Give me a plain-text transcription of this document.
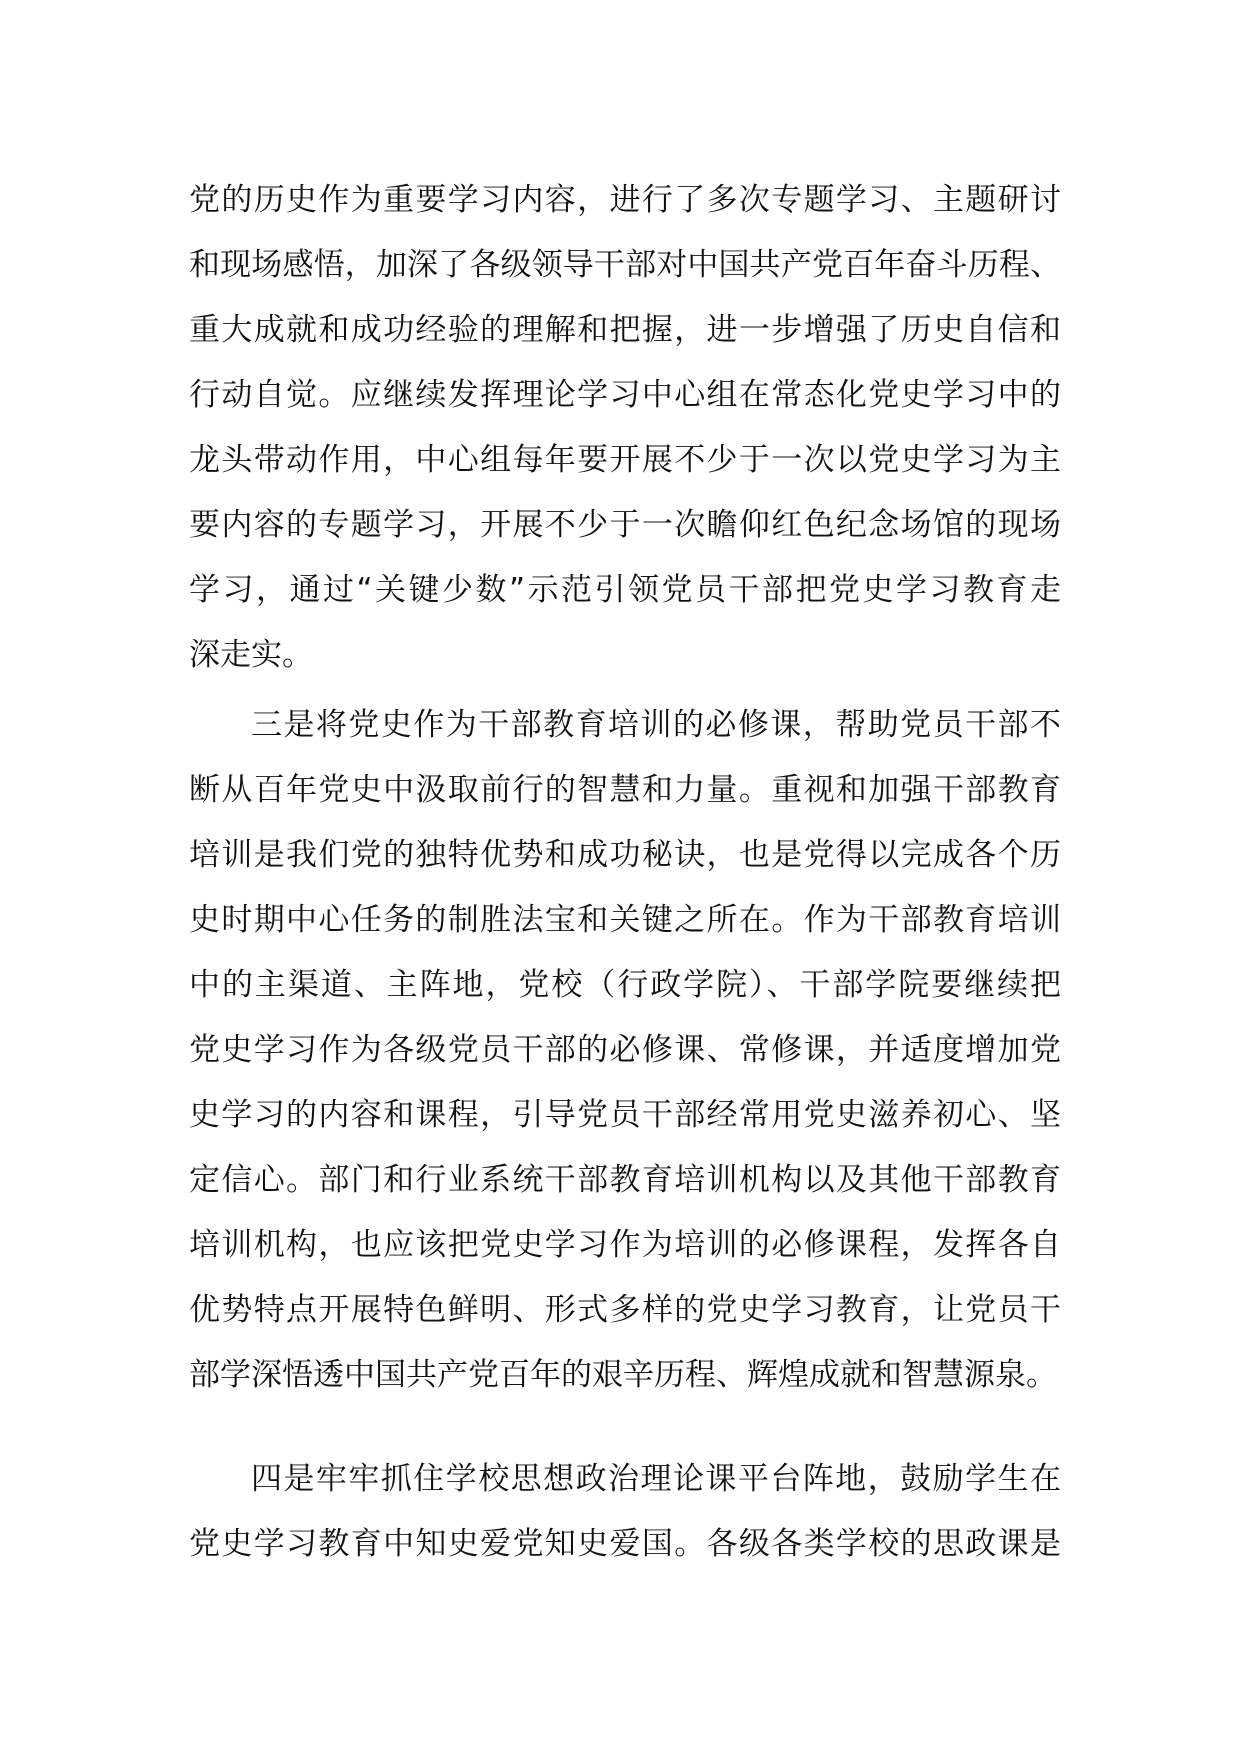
党的历史作为重要学习内容，进行了多次专题学习、主题研讨
和现场感悟，加深了各级领导干部对中国共产党百年奋斗历程、
重大成就和成功经验的理解和把握，进一步增强了历史自信和
行动自觉。应继续发挥理论学习中心组在常态化党史学习中的
龙头带动作用，中心组每年要开展不少于一次以党史学习为主
要内容的专题学习，开展不少于一次瞻仰红色纪念场馆的现场
学习，通过“关键少数”示范引领党员干部把党史学习教育走
深走实。
三是将党史作为干部教育培训的必修课，帮助党员干部不
断从百年党史中汲取前行的智慧和力量。重视和加强干部教育
培训是我们党的独特优势和成功秘诀，也是党得以完成各个历
史时期中心任务的制胜法宝和关键之所在。作为干部教育培训
中的主渠道、主阵地，党校（行政学院）、干部学院要继续把
党史学习作为各级党员干部的必修课、常修课，并适度增加党
史学习的内容和课程，引导党员干部经常用党史滋养初心、坚
定信心。部门和行业系统干部教育培训机构以及其他干部教育
培训机构，也应该把党史学习作为培训的必修课程，发挥各自
优势特点开展特色鲜明、形式多样的党史学习教育，让党员干
部学深悟透中国共产党百年的艰辛历程、辉煌成就和智慧源泉。
四是牢牢抓住学校思想政治理论课平台阵地，鼓励学生在
党史学习教育中知史爱党知史爱国。各级各类学校的思政课是
